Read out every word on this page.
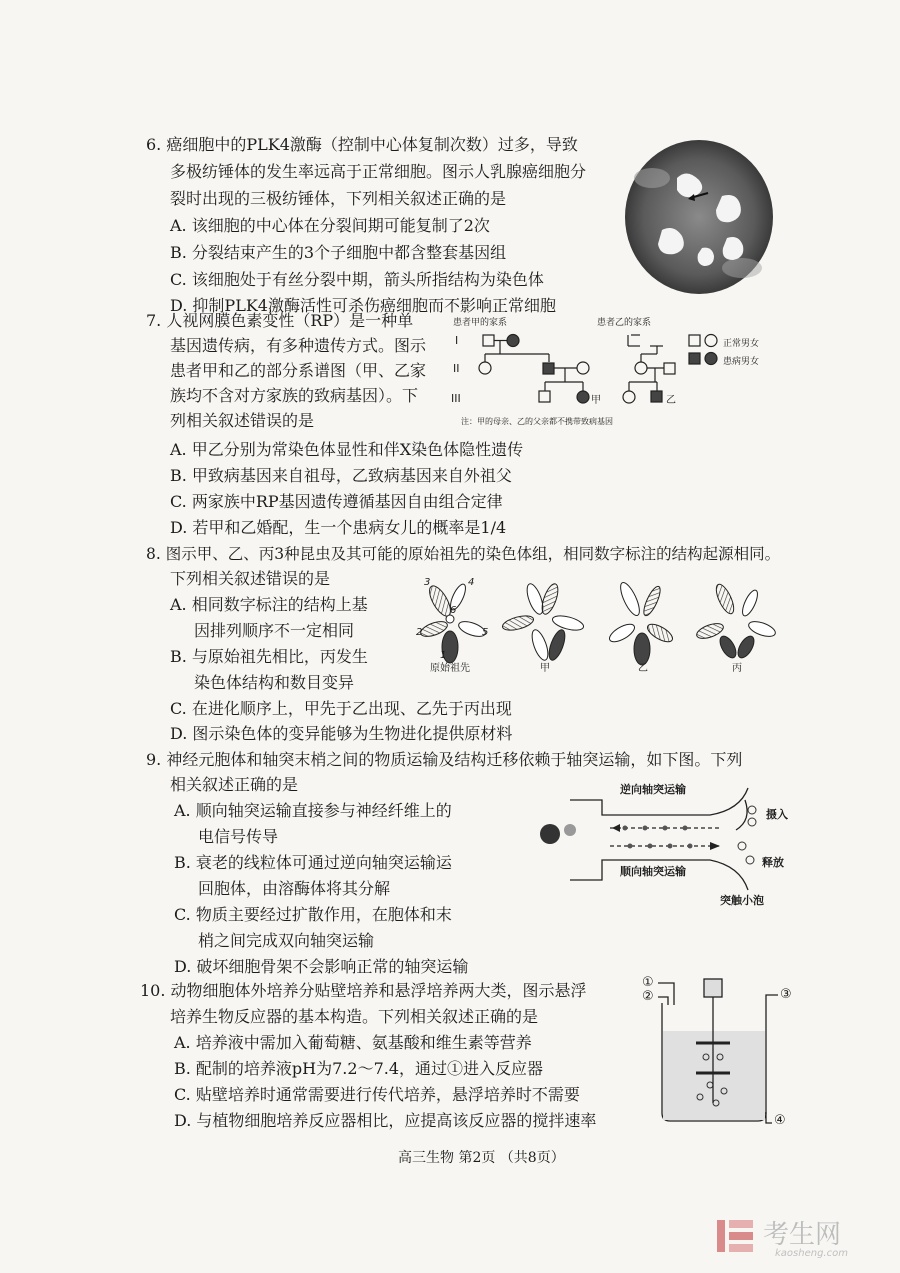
6. 癌细胞中的PLK4激酶（控制中心体复制次数）过多，导致
多极纺锤体的发生率远高于正常细胞。图示人乳腺癌细胞分
裂时出现的三极纺锤体，下列相关叙述正确的是
A. 该细胞的中心体在分裂间期可能复制了2次
B. 分裂结束产生的3个子细胞中都含整套基因组
C. 该细胞处于有丝分裂中期，箭头所指结构为染色体
D. 抑制PLK4激酶活性可杀伤癌细胞而不影响正常细胞
7. 人视网膜色素变性（RP）是一种单
基因遗传病，有多种遗传方式。图示
患者甲和乙的部分系谱图（甲、乙家
族均不含对方家族的致病基因）。下
列相关叙述错误的是
患者甲的家系	患者乙的家系
I
II
III
正常男女
患病男女
甲	乙
注：甲的母亲、乙的父亲都不携带致病基因
A. 甲乙分别为常染色体显性和伴X染色体隐性遗传
B. 甲致病基因来自祖母，乙致病基因来自外祖父
C. 两家族中RP基因遗传遵循基因自由组合定律
D. 若甲和乙婚配，生一个患病女儿的概率是1/4
8. 图示甲、乙、丙3种昆虫及其可能的原始祖先的染色体组，相同数字标注的结构起源相同。
下列相关叙述错误的是
A. 相同数字标注的结构上基
因排列顺序不一定相同
B. 与原始祖先相比，丙发生
染色体结构和数目变异
C. 在进化顺序上，甲先于乙出现、乙先于丙出现
D. 图示染色体的变异能够为生物进化提供原材料
3	4
6
2	5
1
原始祖先	甲	乙	丙
9. 神经元胞体和轴突末梢之间的物质运输及结构迁移依赖于轴突运输，如下图。下列
相关叙述正确的是
A. 顺向轴突运输直接参与神经纤维上的
电信号传导
B. 衰老的线粒体可通过逆向轴突运输运
回胞体，由溶酶体将其分解
C. 物质主要经过扩散作用，在胞体和末
梢之间完成双向轴突运输
D. 破坏细胞骨架不会影响正常的轴突运输
逆向轴突运输
顺向轴突运输
摄入
释放
突触小泡
10. 动物细胞体外培养分贴壁培养和悬浮培养两大类，图示悬浮
培养生物反应器的基本构造。下列相关叙述正确的是
A. 培养液中需加入葡萄糖、氨基酸和维生素等营养
B. 配制的培养液pH为7.2～7.4，通过①进入反应器
C. 贴壁培养时通常需要进行传代培养，悬浮培养时不需要
D. 与植物细胞培养反应器相比，应提高该反应器的搅拌速率
①
②	③
④
高三生物 第2页 （共8页）
考生网
kaosheng.com
